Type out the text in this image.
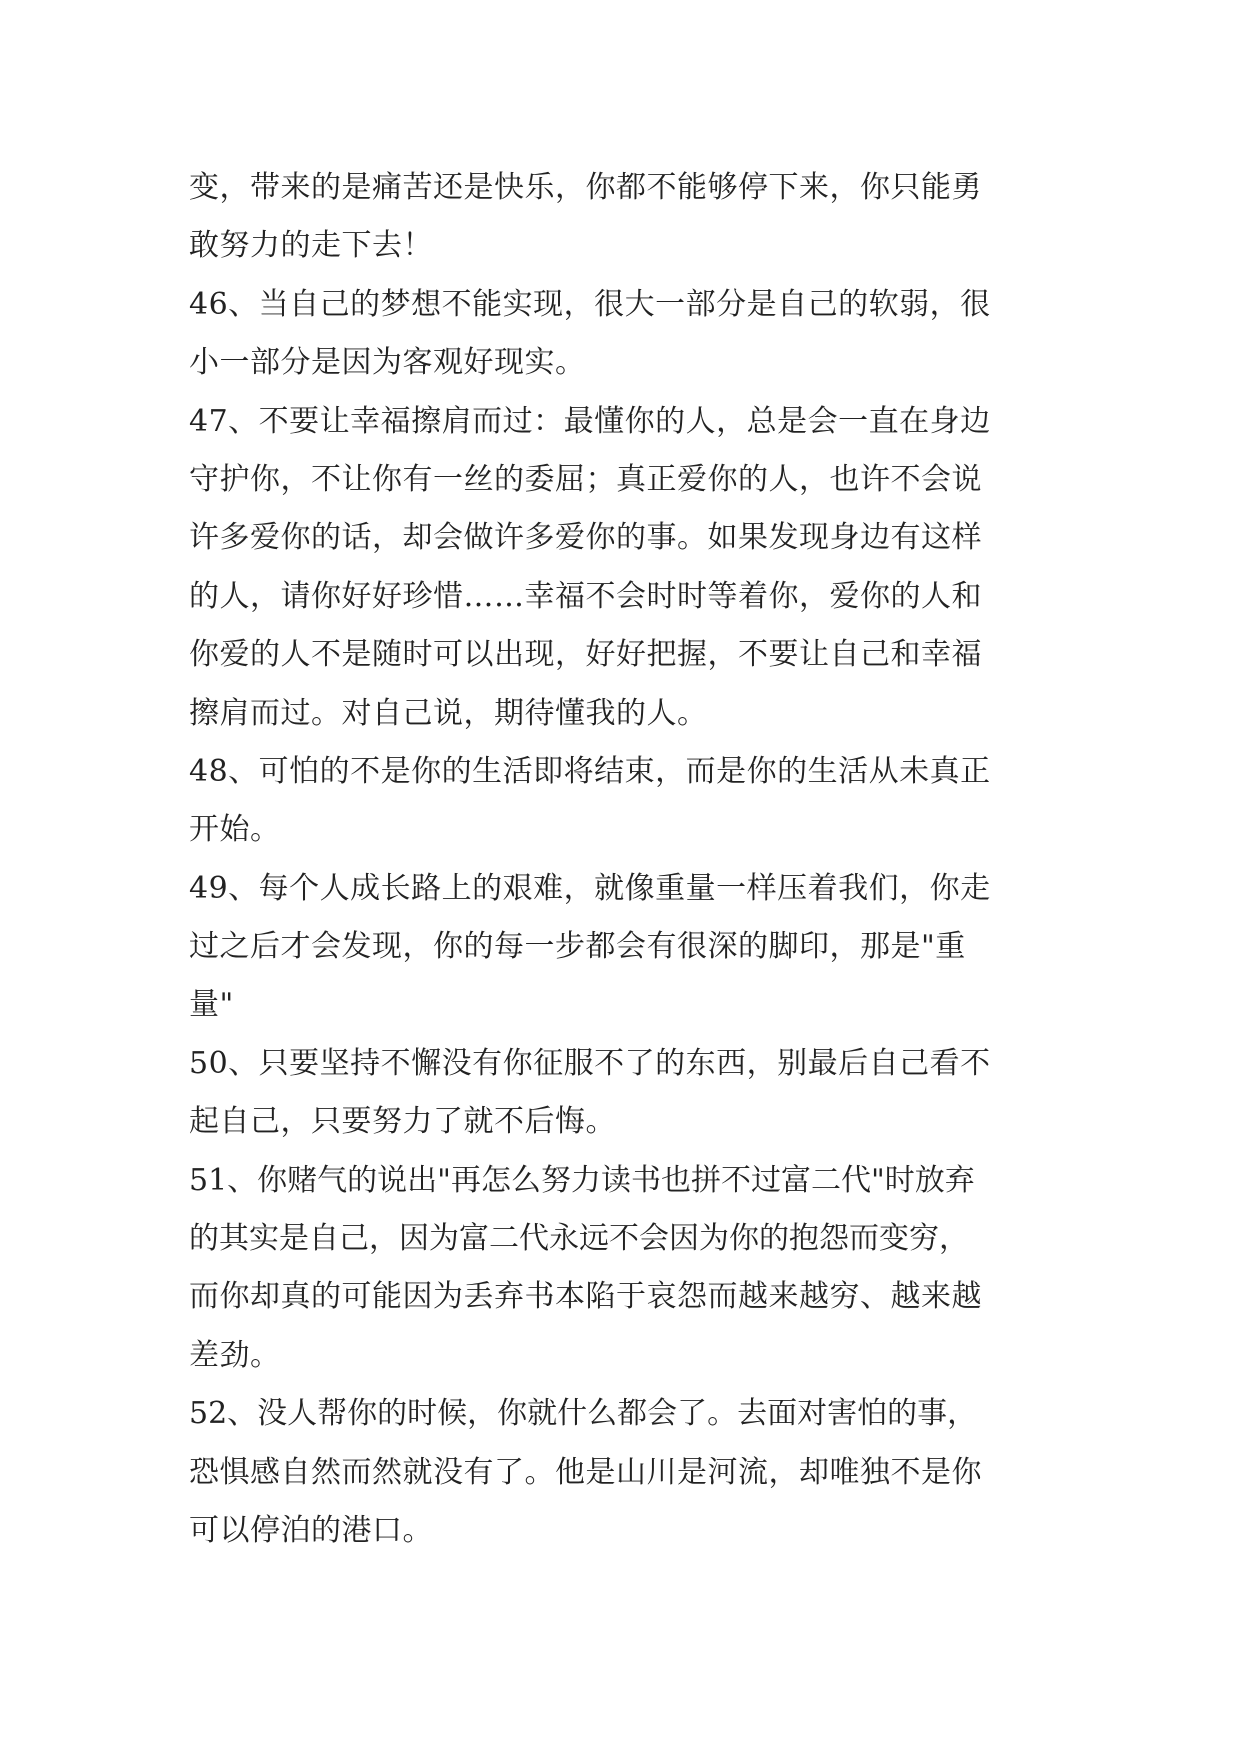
变，带来的是痛苦还是快乐，你都不能够停下来，你只能勇
敢努力的走下去！
46、当自己的梦想不能实现，很大一部分是自己的软弱，很
小一部分是因为客观好现实。
47、不要让幸福擦肩而过：最懂你的人，总是会一直在身边
守护你，不让你有一丝的委屈；真正爱你的人，也许不会说
许多爱你的话，却会做许多爱你的事。如果发现身边有这样
的人，请你好好珍惜……幸福不会时时等着你，爱你的人和
你爱的人不是随时可以出现，好好把握，不要让自己和幸福
擦肩而过。对自己说，期待懂我的人。
48、可怕的不是你的生活即将结束，而是你的生活从未真正
开始。
49、每个人成长路上的艰难，就像重量一样压着我们，你走
过之后才会发现，你的每一步都会有很深的脚印，那是"重
量"
50、只要坚持不懈没有你征服不了的东西，别最后自己看不
起自己，只要努力了就不后悔。
51、你赌气的说出"再怎么努力读书也拼不过富二代"时放弃
的其实是自己，因为富二代永远不会因为你的抱怨而变穷，
而你却真的可能因为丢弃书本陷于哀怨而越来越穷、越来越
差劲。
52、没人帮你的时候，你就什么都会了。去面对害怕的事，
恐惧感自然而然就没有了。他是山川是河流，却唯独不是你
可以停泊的港口。
